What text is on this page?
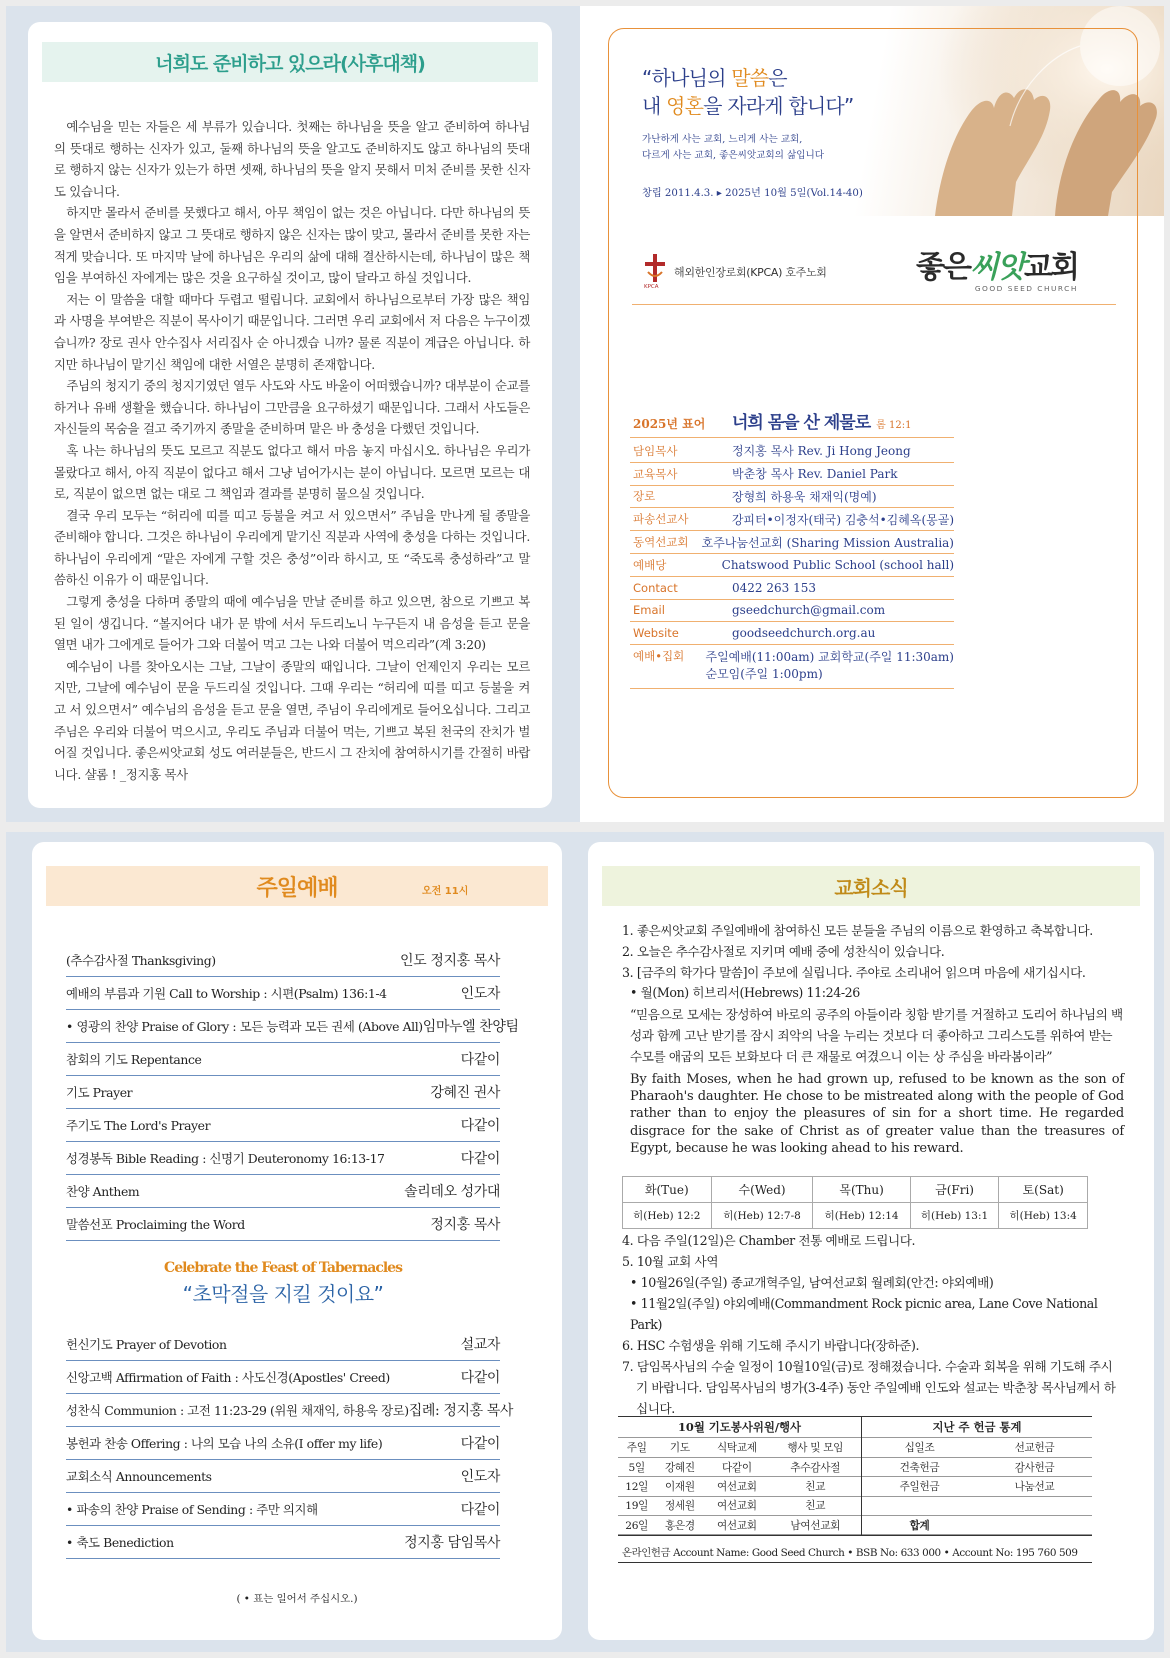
너희도 준비하고 있으라(사후대책)

예수님을 믿는 자들은 세 부류가 있습니다. 첫째는 하나님을 뜻을 알고 준비하여 하나님의 뜻대로 행하는 신자가 있고, 둘째 하나님의 뜻을 알고도 준비하지도 않고 하나님의 뜻대로 행하지 않는 신자가 있는가 하면 셋째, 하나님의 뜻을 알지 못해서 미처 준비를 못한 신자도 있습니다.

하지만 몰라서 준비를 못했다고 해서, 아무 책임이 없는 것은 아닙니다. 다만 하나님의 뜻을 알면서 준비하지 않고 그 뜻대로 행하지 않은 신자는 많이 맞고, 몰라서 준비를 못한 자는 적게 맞습니다. 또 마지막 날에 하나님은 우리의 삶에 대해 결산하시는데, 하나님이 많은 책임을 부여하신 자에게는 많은 것을 요구하실 것이고, 많이 달라고 하실 것입니다.

저는 이 말씀을 대할 때마다 두렵고 떨립니다. 교회에서 하나님으로부터 가장 많은 책임과 사명을 부여받은 직분이 목사이기 때문입니다. 그러면 우리 교회에서 저 다음은 누구이겠습니까? 장로 권사 안수집사 서리집사 순 아니겠습 니까? 물론 직분이 계급은 아닙니다. 하지만 하나님이 맡기신 책임에 대한 서열은 분명히 존재합니다.

주님의 청지기 중의 청지기였던 열두 사도와 사도 바울이 어떠했습니까? 대부분이 순교를 하거나 유배 생활을 했습니다. 하나님이 그만큼을 요구하셨기 때문입니다. 그래서 사도들은 자신들의 목숨을 걸고 죽기까지 종말을 준비하며 맡은 바 충성을 다했던 것입니다.

혹 나는 하나님의 뜻도 모르고 직분도 없다고 해서 마음 놓지 마십시오. 하나님은 우리가 몰랐다고 해서, 아직 직분이 없다고 해서 그냥 넘어가시는 분이 아닙니다. 모르면 모르는 대로, 직분이 없으면 없는 대로 그 책임과 결과를 분명히 물으실 것입니다.

결국 우리 모두는 “허리에 띠를 띠고 등불을 켜고 서 있으면서” 주님을 만나게 될 종말을 준비해야 합니다. 그것은 하나님이 우리에게 맡기신 직분과 사역에 충성을 다하는 것입니다. 하나님이 우리에게 “맡은 자에게 구할 것은 충성”이라 하시고, 또 “죽도록 충성하라”고 말씀하신 이유가 이 때문입니다.

그렇게 충성을 다하며 종말의 때에 예수님을 만날 준비를 하고 있으면, 참으로 기쁘고 복된 일이 생깁니다. “볼지어다 내가 문 밖에 서서 두드리노니 누구든지 내 음성을 듣고 문을 열면 내가 그에게로 들어가 그와 더불어 먹고 그는 나와 더불어 먹으리라”(계 3:20)

예수님이 나를 찾아오시는 그날, 그날이 종말의 때입니다. 그날이 언제인지 우리는 모르지만, 그날에 예수님이 문을 두드리실 것입니다. 그때 우리는 “허리에 띠를 띠고 등불을 켜고 서 있으면서” 예수님의 음성을 듣고 문을 열면, 주님이 우리에게로 들어오십니다. 그리고 주님은 우리와 더불어 먹으시고, 우리도 주님과 더불어 먹는, 기쁘고 복된 천국의 잔치가 벌어질 것입니다. 좋은씨앗교회 성도 여러분들은, 반드시 그 잔치에 참여하시기를 간절히 바랍니다. 샬롬 ! _정지홍 목사

“하나님의 말씀은
내 영혼을 자라게 합니다”
가난하게 사는 교회, 느리게 사는 교회,
다르게 사는 교회, 좋은씨앗교회의 삶입니다
창립 2011.4.3. ▸ 2025년 10월 5일(Vol.14-40)
KPCA
해외한인장로회(KPCA) 호주노회	좋은씨앗교회
GOOD SEED CHURCH
2025년 표어	너희 몸을 산 제물로 롬 12:1
담임목사	정지홍 목사 Rev. Ji Hong Jeong
교육목사	박춘창 목사 Rev. Daniel Park
장로	장형희 하용욱 채재익(명예)
파송선교사	강피터•이정자(태국) 김충석•김혜옥(몽골)
동역선교회	호주나눔선교회 (Sharing Mission Australia)
예배당	Chatswood Public School (school hall)
Contact	0422 263 153
Email	gseedchurch@gmail.com
Website	goodseedchurch.org.au
예배•집회	주일예배(11:00am) 교회학교(주일 11:30am)
순모임(주일 1:00pm)
주일예배	오전 11시
(추수감사절 Thanksgiving)	인도 정지홍 목사
예배의 부름과 기원 Call to Worship : 시편(Psalm) 136:1-4	인도자
• 영광의 찬양 Praise of Glory : 모든 능력과 모든 권세 (Above All) 임마누엘 찬양팀
참회의 기도 Repentance	다같이
기도 Prayer	강혜진 권사
주기도 The Lord's Prayer	다같이
성경봉독 Bible Reading : 신명기 Deuteronomy 16:13-17	다같이
찬양 Anthem	솔리데오 성가대
말씀선포 Proclaiming the Word	정지홍 목사
Celebrate the Feast of Tabernacles
“초막절을 지킬 것이요”
헌신기도 Prayer of Devotion	설교자
신앙고백 Affirmation of Faith : 사도신경(Apostles' Creed)	다같이
성찬식 Communion : 고전 11:23-29 (위원 채재익, 하용욱 장로) 집례: 정지홍 목사
봉헌과 찬송 Offering : 나의 모습 나의 소유(I offer my life)	다같이
교회소식 Announcements	인도자
• 파송의 찬양 Praise of Sending : 주만 의지해	다같이
• 축도 Benediction	정지홍 담임목사
( • 표는 일어서 주십시오.)
교회소식
1. 좋은씨앗교회 주일예배에 참여하신 모든 분들을 주님의 이름으로 환영하고 축복합니다.
2. 오늘은 추수감사절로 지키며 예배 중에 성찬식이 있습니다.
3. [금주의 학가다 말씀]이 주보에 실립니다. 주야로 소리내어 읽으며 마음에 새기십시다.
• 월(Mon) 히브리서(Hebrews) 11:24-26
“믿음으로 모세는 장성하여 바로의 공주의 아들이라 칭함 받기를 거절하고 도리어 하나님의 백성과 함께 고난 받기를 잠시 죄악의 낙을 누리는 것보다 더 좋아하고 그리스도를 위하여 받는 수모를 애굽의 모든 보화보다 더 큰 재물로 여겼으니 이는 상 주심을 바라봄이라”
By faith Moses, when he had grown up, refused to be known as the son of Pharaoh's daughter. He chose to be mistreated along with the people of God rather than to enjoy the pleasures of sin for a short time. He regarded disgrace for the sake of Christ as of greater value than the treasures of Egypt, because he was looking ahead to his reward.
화(Tue)	수(Wed)	목(Thu)	금(Fri)	토(Sat)
히(Heb) 12:2	히(Heb) 12:7-8	히(Heb) 12:14	히(Heb) 13:1	히(Heb) 13:4
4. 다음 주일(12일)은 Chamber 전통 예배로 드립니다.
5. 10월 교회 사역
• 10월26일(주일) 종교개혁주일, 남여선교회 월례회(안건: 야외예배)
• 11월2일(주일) 야외예배(Commandment Rock picnic area, Lane Cove National Park)
6. HSC 수험생을 위해 기도해 주시기 바랍니다(장하준).
7. 담임목사님의 수술 일정이 10월10일(금)로 정해졌습니다. 수술과 회복을 위해 기도해 주시기 바랍니다. 담임목사님의 병가(3-4주) 동안 주일예배 인도와 설교는 박춘창 목사님께서 하십니다.
10월 기도봉사위원/행사
주일	기도	식탁교제	행사 및 모임
5일	강혜진	다같이	추수감사절
12일	이재원	여선교회	친교
19일	정세원	여선교회	친교
26일	홍은경	여선교회	남여선교회
지난 주 헌금 통계
십일조	선교헌금
건축헌금	감사헌금
주일헌금	나눔선교

합계	
온라인헌금 Account Name: Good Seed Church • BSB No: 633 000 • Account No: 195 760 509
